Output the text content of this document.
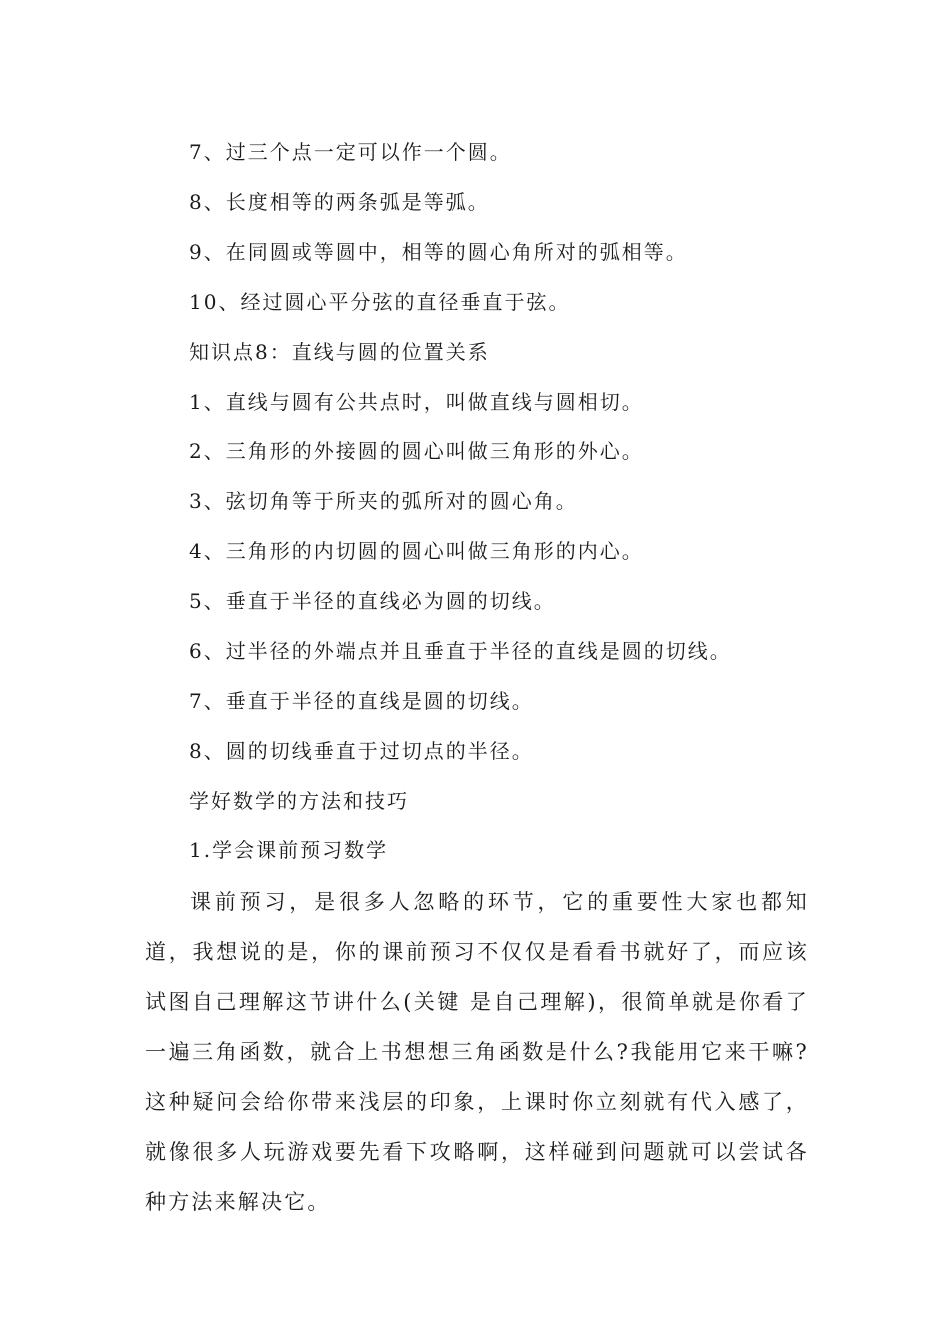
7、过三个点一定可以作一个圆。
8、长度相等的两条弧是等弧。
9、在同圆或等圆中，相等的圆心角所对的弧相等。
10、经过圆心平分弦的直径垂直于弦。
知识点8：直线与圆的位置关系
1、直线与圆有公共点时，叫做直线与圆相切。
2、三角形的外接圆的圆心叫做三角形的外心。
3、弦切角等于所夹的弧所对的圆心角。
4、三角形的内切圆的圆心叫做三角形的内心。
5、垂直于半径的直线必为圆的切线。
6、过半径的外端点并且垂直于半径的直线是圆的切线。
7、垂直于半径的直线是圆的切线。
8、圆的切线垂直于过切点的半径。
学好数学的方法和技巧
1.学会课前预习数学

课前预习，是很多人忽略的环节，它的重要性大家也都知道，我想说的是，你的课前预习不仅仅是看看书就好了，而应该试图自己理解这节讲什么(关键 是自己理解)，很简单就是你看了一遍三角函数，就合上书想想三角函数是什么?我能用它来干嘛?这种疑问会给你带来浅层的印象，上课时你立刻就有代入感了， 就像很多人玩游戏要先看下攻略啊，这样碰到问题就可以尝试各种方法来解决它。
